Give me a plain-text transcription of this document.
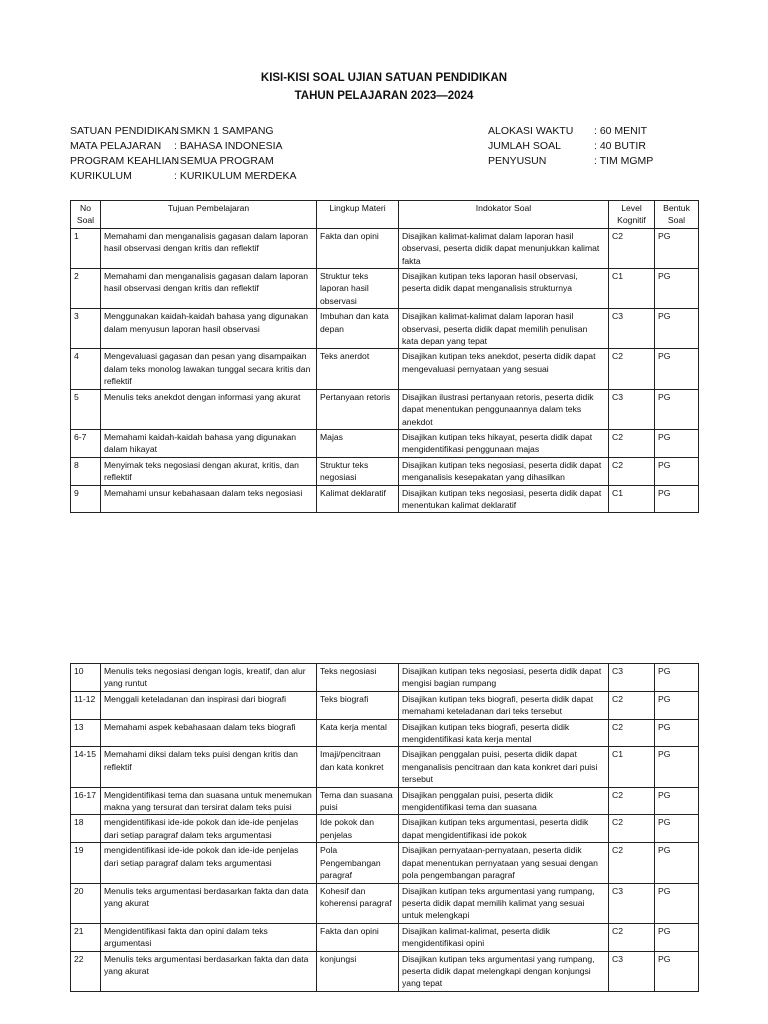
KISI-KISI SOAL UJIAN SATUAN PENDIDIKAN
TAHUN PELAJARAN 2023—2024
SATUAN PENDIDIKAN: SMKN 1 SAMPANG
MATA PELAJARAN : BAHASA INDONESIA
PROGRAM KEAHLIAN: SEMUA PROGRAM
KURIKULUM	: KURIKULUM MERDEKA
ALOKASI WAKTU : 60 MENIT
JUMLAH SOAL	: 40 BUTIR
PENYUSUN	: TIM MGMP
No Soal	Tujuan Pembelajaran	Lingkup Materi	Indokator Soal	Level Kognitif	Bentuk Soal
1	Memahami dan menganalisis gagasan dalam laporan hasil observasi dengan kritis dan reflektif	Fakta dan opini	Disajikan kalimat-kalimat dalam laporan hasil observasi, peserta didik dapat menunjukkan kalimat fakta	C2	PG
2	Memahami dan menganalisis gagasan dalam laporan hasil observasi dengan kritis dan reflektif	Struktur teks laporan hasil observasi	Disajikan kutipan teks laporan hasil observasi, peserta didik dapat menganalisis strukturnya	C1	PG
3	Menggunakan kaidah-kaidah bahasa yang digunakan dalam menyusun laporan hasil observasi	Imbuhan dan kata depan	Disajikan kalimat-kalimat dalam laporan hasil observasi, peserta didik dapat memilih penulisan kata depan yang tepat	C3	PG
4	Mengevaluasi gagasan dan pesan yang disampaikan dalam teks monolog lawakan tunggal secara kritis dan reflektif	Teks anerdot	Disajikan kutipan teks anekdot, peserta didik dapat mengevaluasi pernyataan yang sesuai	C2	PG
5	Menulis teks anekdot dengan informasi yang akurat	Pertanyaan retoris	Disajikan ilustrasi pertanyaan retoris, peserta didik dapat menentukan penggunaannya dalam teks anekdot	C3	PG
6-7	Memahami kaidah-kaidah bahasa yang digunakan dalam hikayat	Majas	Disajikan kutipan teks hikayat, peserta didik dapat mengidentifikasi penggunaan majas	C2	PG
8	Menyimak teks negosiasi dengan akurat, kritis, dan reflektif	Struktur teks negosiasi	Disajikan kutipan teks negosiasi, peserta didik dapat menganalisis kesepakatan yang dihasilkan	C2	PG
9	Memahami unsur kebahasaan dalam teks negosiasi	Kalimat deklaratif	Disajikan kutipan teks negosiasi, peserta didik dapat menentukan kalimat deklaratif	C1	PG
10	Menulis teks negosiasi dengan logis, kreatif, dan alur yang runtut	Teks negosiasi	Disajikan kutipan teks negosiasi, peserta didik dapat mengisi bagian rumpang	C3	PG
11-12	Menggali keteladanan dan inspirasi dari biografi	Teks biografi	Disajikan kutipan teks biografi, peserta didik dapat memahami keteladanan dari teks tersebut	C2	PG
13	Memahami aspek kebahasaan dalam teks biografi	Kata kerja mental	Disajikan kutipan teks biografi, peserta didik mengidentifikasi kata kerja mental	C2	PG
14-15	Memahami diksi dalam teks puisi dengan kritis dan reflektif	Imaji/pencitraan dan kata konkret	Disajikan penggalan puisi, peserta didik dapat menganalisis pencitraan dan kata konkret dari puisi tersebut	C1	PG
16-17	Mengidentifikasi tema dan suasana untuk menemukan makna yang tersurat dan tersirat dalam teks puisi	Tema dan suasana puisi	Disajikan penggalan puisi, peserta didik mengidentifikasi tema dan suasana	C2	PG
18	mengidentifikasi ide-ide pokok dan ide-ide penjelas dari setiap paragraf dalam teks argumentasi	Ide pokok dan penjelas	Disajikan kutipan teks argumentasi, peserta didik dapat mengidentifikasi ide pokok	C2	PG
19	mengidentifikasi ide-ide pokok dan ide-ide penjelas dari setiap paragraf dalam teks argumentasi	Pola Pengembangan paragraf	Disajikan pernyataan-pernyataan, peserta didik dapat menentukan pernyataan yang sesuai dengan pola pengembangan paragraf	C2	PG
20	Menulis teks argumentasi berdasarkan fakta dan data yang akurat	Kohesif dan koherensi paragraf	Disajikan kutipan teks argumentasi yang rumpang, peserta didik dapat memilih kalimat yang sesuai untuk melengkapi	C3	PG
21	Mengidentifikasi fakta dan opini dalam teks argumentasi	Fakta dan opini	Disajikan kalimat-kalimat, peserta didik mengidentifikasi opini	C2	PG
22	Menulis teks argumentasi berdasarkan fakta dan data yang akurat	konjungsi	Disajikan kutipan teks argumentasi yang rumpang, peserta didik dapat melengkapi dengan konjungsi yang tepat	C3	PG
